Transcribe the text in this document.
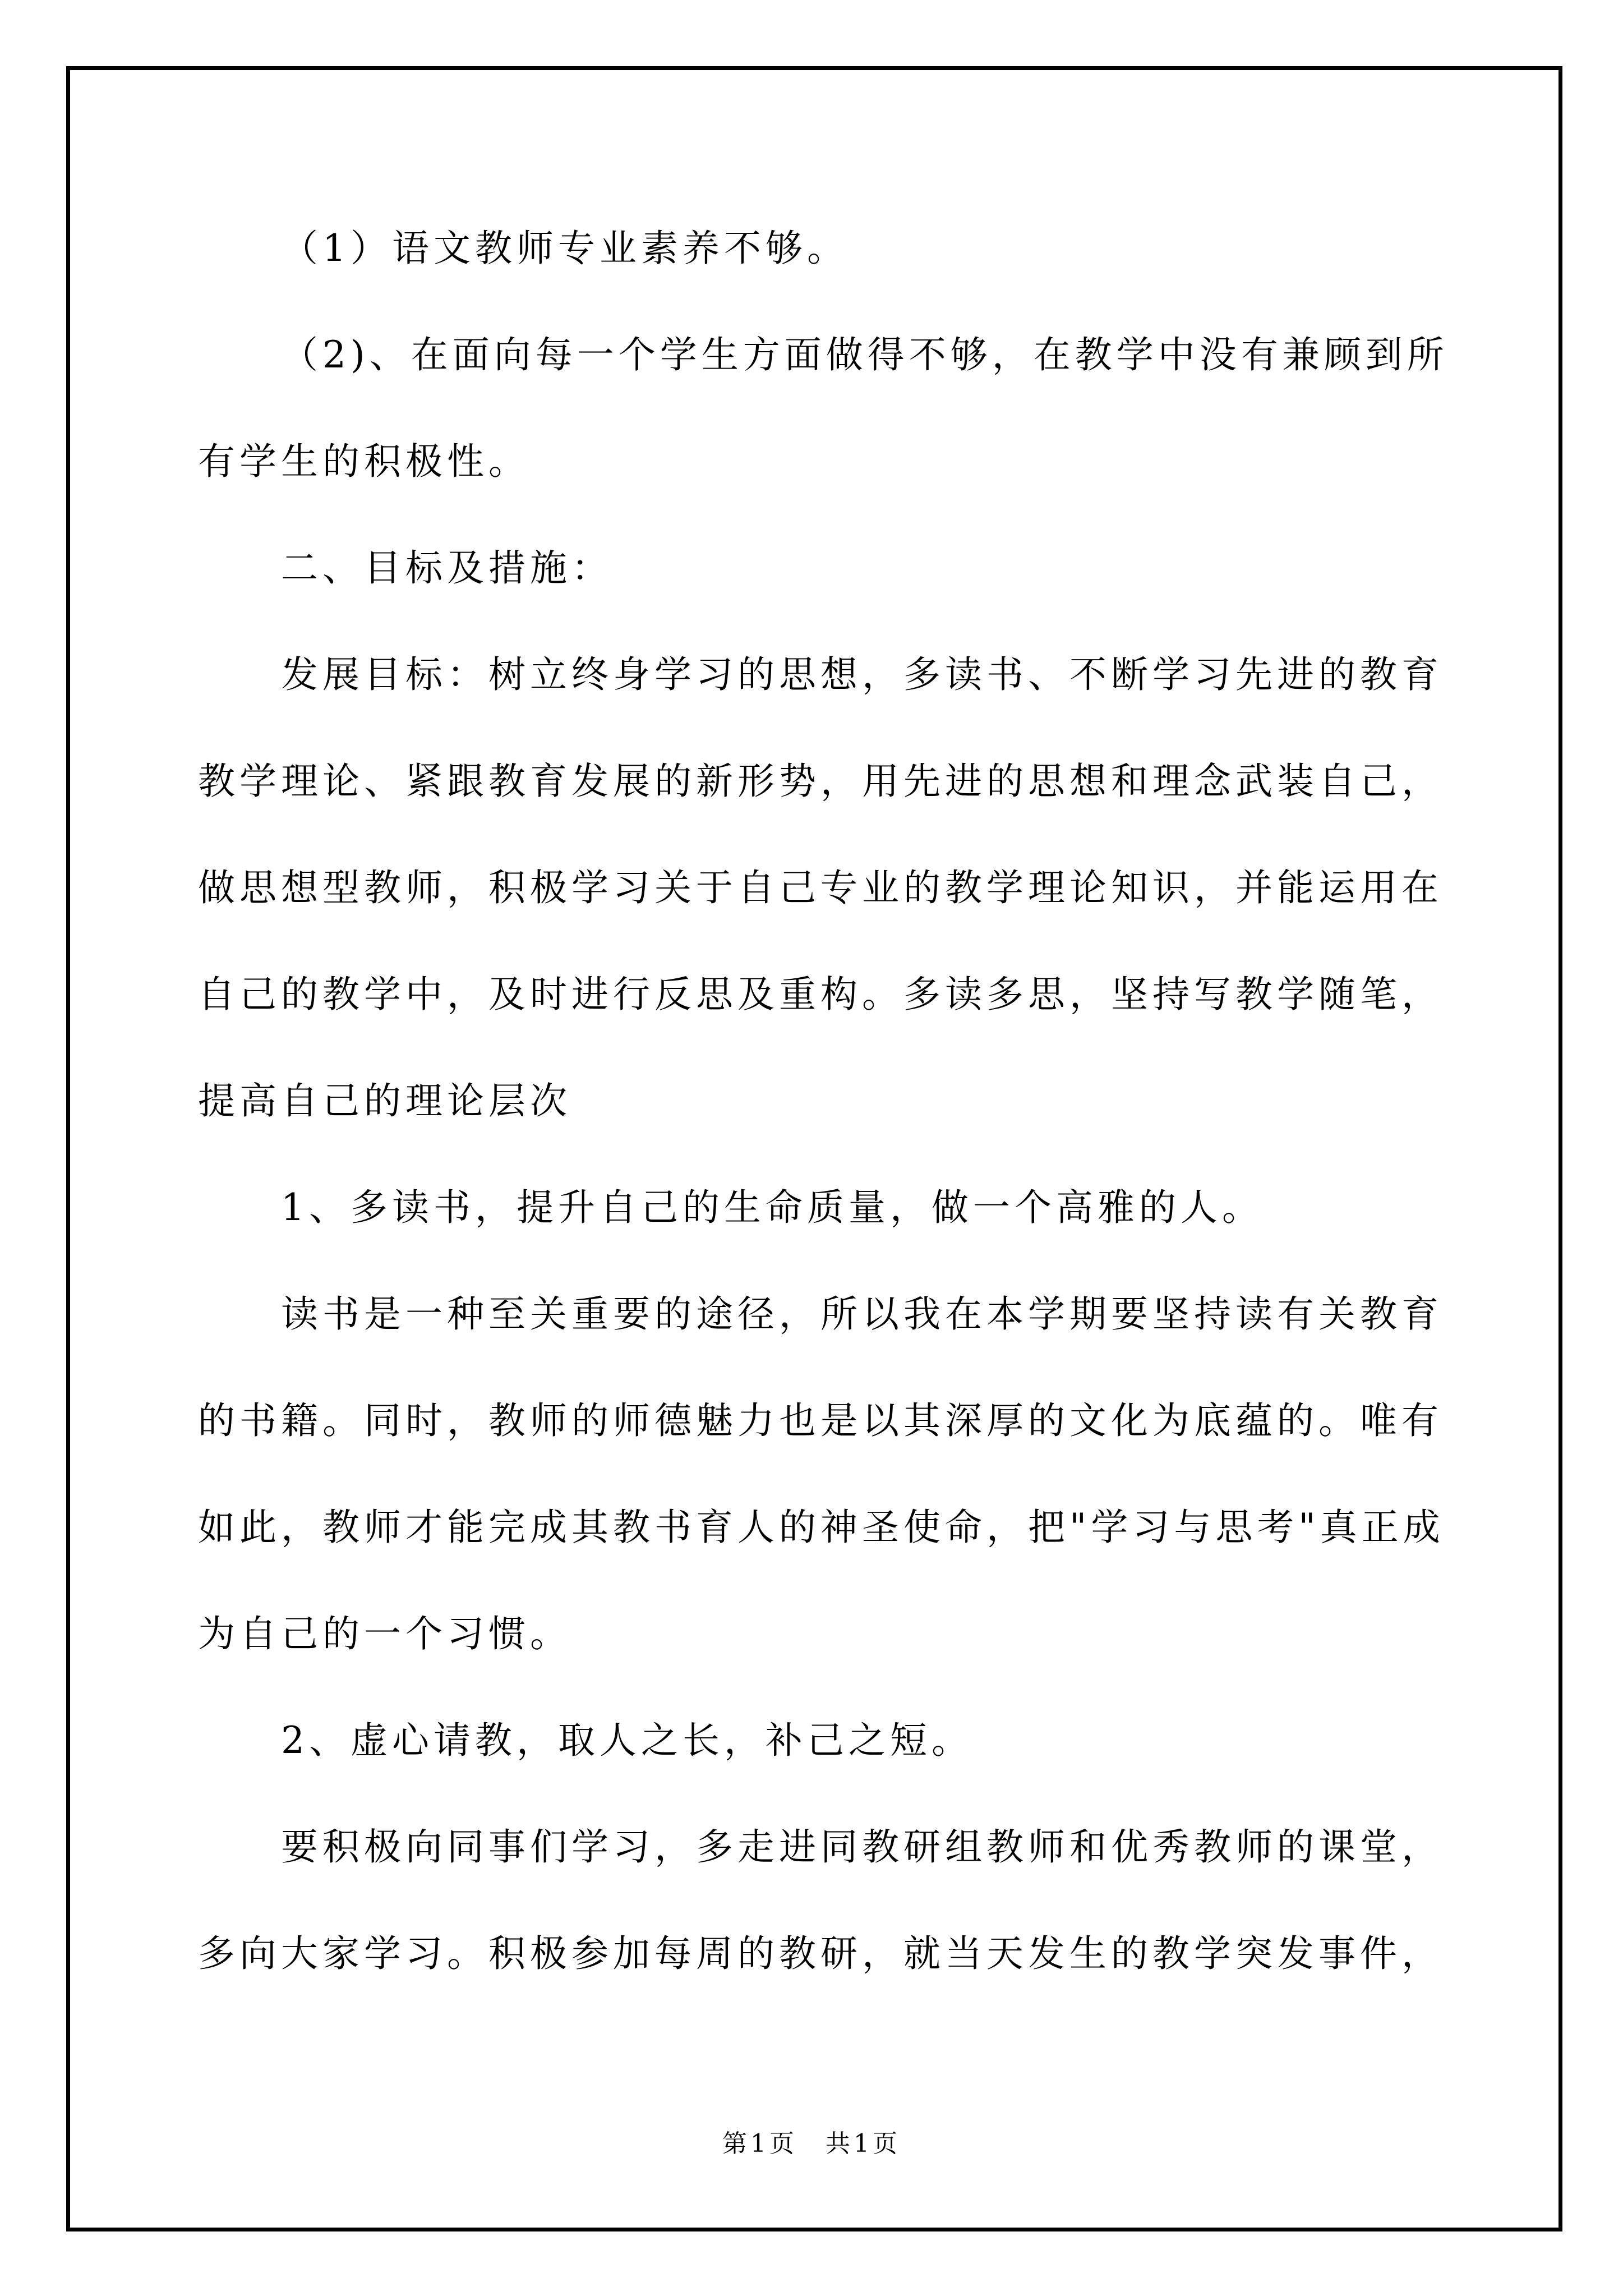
（1）语文教师专业素养不够。
（2)、在面向每一个学生方面做得不够，在教学中没有兼顾到所
有学生的积极性。
二、目标及措施：
发展目标：树立终身学习的思想，多读书、不断学习先进的教育
教学理论、紧跟教育发展的新形势，用先进的思想和理念武装自己，
做思想型教师，积极学习关于自己专业的教学理论知识，并能运用在
自己的教学中，及时进行反思及重构。多读多思，坚持写教学随笔，
提高自己的理论层次
1、多读书，提升自己的生命质量，做一个高雅的人。
读书是一种至关重要的途径，所以我在本学期要坚持读有关教育
的书籍。同时，教师的师德魅力也是以其深厚的文化为底蕴的。唯有
如此，教师才能完成其教书育人的神圣使命，把"学习与思考"真正成
为自己的一个习惯。
2、虚心请教，取人之长，补己之短。
要积极向同事们学习，多走进同教研组教师和优秀教师的课堂，
多向大家学习。积极参加每周的教研，就当天发生的教学突发事件，
第1页　共1页
